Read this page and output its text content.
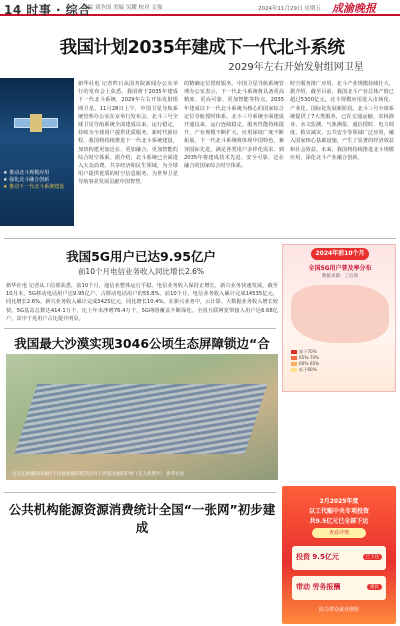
14 时事 · 综合
责编 刘争国 美编 吴耀 校对 文强	2024年11月29日 星期五 成渝晚报
我国计划2035年建成下一代北斗系统
2029年左右开始发射组网卫星
★ 推动北斗规模应用
★ 强化北斗融合创新
★ 推动下一代北斗系统建设
新华社电 记者昨日从国务院新闻办公室举行的发布会上获悉，我国将于2035年建成下一代北斗系统，2029年左右开始发射组网卫星。11月28日上午，中国卫星导航系统管理办公室在京举行发布会。北斗三号全球卫星导航系统全面建成以来，运行稳定，持续为全球用户提供优质服务。新时代新征程，我国将持续推进下一代北斗系统建设，加快构建更加泛在、更加融合、更加智能的综合时空体系。据介绍，北斗系统已全面进入大众消费、共享经济和民生领域，为全球用户提供优质的时空信息服务，为世界卫星导航事业发展贡献中国智慧。
的精确定位授时服务。中国卫星导航系统管理办公室表示，下一代北斗系统将具备更高精度、更高可靠、更加智能等特点，2035年建成以下一代北斗系统为核心的国家综合定位导航授时体系。北斗三号系统全面建成开通以来，运行连续稳定，服务性能持续提升，产业规模不断扩大，应用深度广度不断拓展。下一代北斗系统将体现中国特色，兼容国际先进，满足各类用户多样化需求。到2035年将建成技术先进、安全可靠、泛在融合的国家综合时空体系。
时空服务推广应用，北斗产业规模持续壮大。据介绍，截至目前，我国北斗产业总体产值已超过5300亿元，北斗规模应用进入市场化、产业化、国际化发展新阶段。北斗三号全球系统提供了7大类服务，已在交通运输、农林渔业、水文监测、气象测报、通信授时、电力调度、救灾减灾、公共安全等领域广泛应用，融入国家核心基础设施，产生了显著的经济效益和社会效益。未来，我国将持续推进北斗规模应用，深化北斗产业融合创新。
我国5G用户已达9.95亿户
前10个月电信业务收入同比增长2.6%
新华社电 记者从工信部获悉，前10个月，通信业整体运行平稳。电信业务收入保持正增长，新兴业务快速发展。截至10月末，5G移动电话用户达9.95亿户，占移动电话用户的55.8%。前10个月，电信业务收入累计完成14535亿元，同比增长2.6%。新兴业务收入累计完成3425亿元，同比增长10.4%。在新兴业务中，云计算、大数据业务收入增长较快。5G基站总数达414.1万个，比上年末净增76.4万个，5G网络覆盖不断深化。全国互联网宽带接入用户达6.68亿户，其中千兆用户占比提升明显。
2024年前10个月
全国5G用户普及率分布
数据来源：工信部
高于70%
65%-70%
60%-65%
低于60%
我国最大沙漠实现3046公顷生态屏障锁边“合
这是在新疆和田地区于田县拍摄的塔克拉玛干沙漠边缘防护林（无人机照片） 新华社发
公共机构能源资源消费统计全国“一张网”初步建成
2月2025年度
以工代赈中央专项投资
共9.5亿元已全部下达
查看详情
投资 9.5亿元	已下达
带动 劳务报酬	惠民
助力群众就业增收
